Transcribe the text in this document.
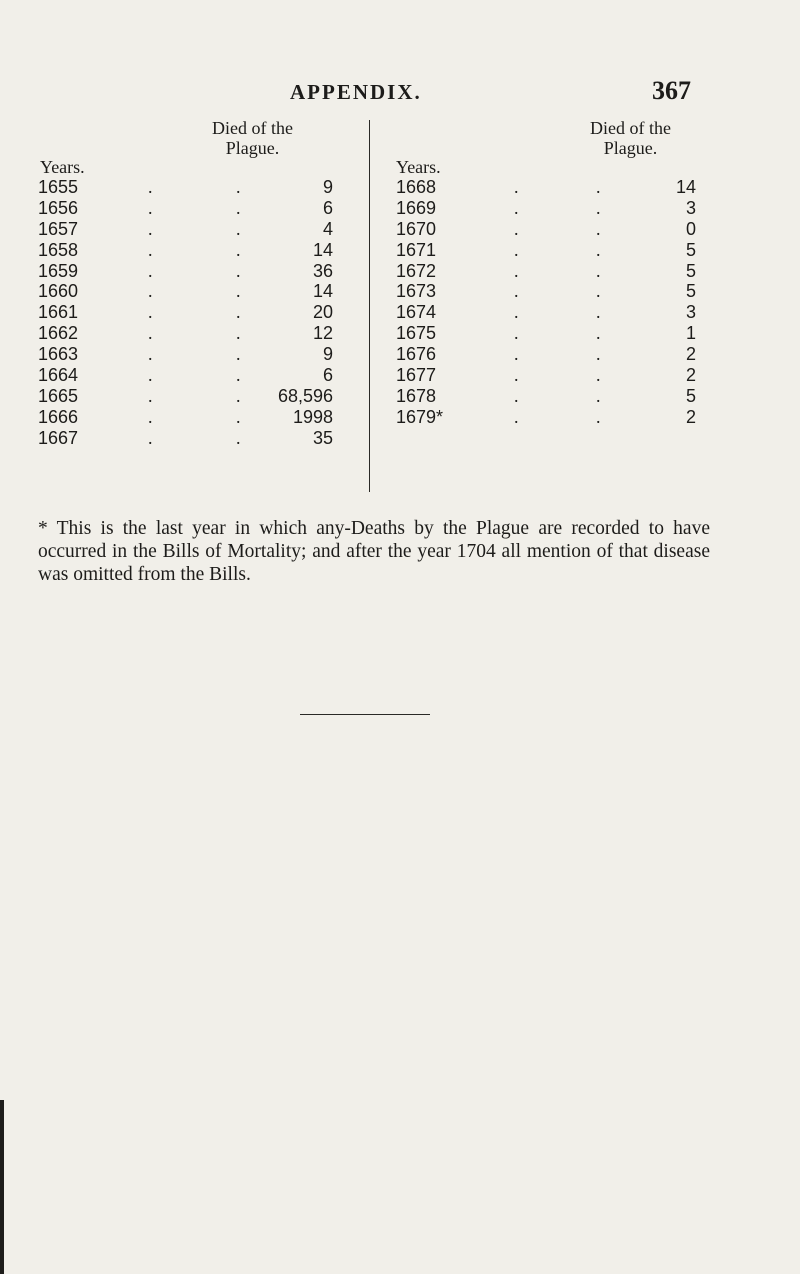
APPENDIX.	367
Died of the
Plague.
Years.
Died of the
Plague.
Years.
1655	.	.	9
1656	.	.	6
1657	.	.	4
1658	.	.	14
1659	.	.	36
1660	.	.	14
1661	.	.	20
1662	.	.	12
1663	.	.	9
1664	.	.	6
1665	.	. 68,596
1666	.	.	1998
1667	.	.	35
1668	.	.	14
1669	.	.	3
1670	.	.	0
1671	.	.	5
1672	.	.	5
1673	.	.	5
1674	.	.	3
1675	.	.	1
1676	.	.	2
1677	.	.	2
1678	.	.	5
1679*	.	.	2
* This is the last year in which any-Deaths by the Plague are recorded to have occurred in the Bills of Mortality; and after the year 1704 all mention of that disease was omitted from the Bills.
